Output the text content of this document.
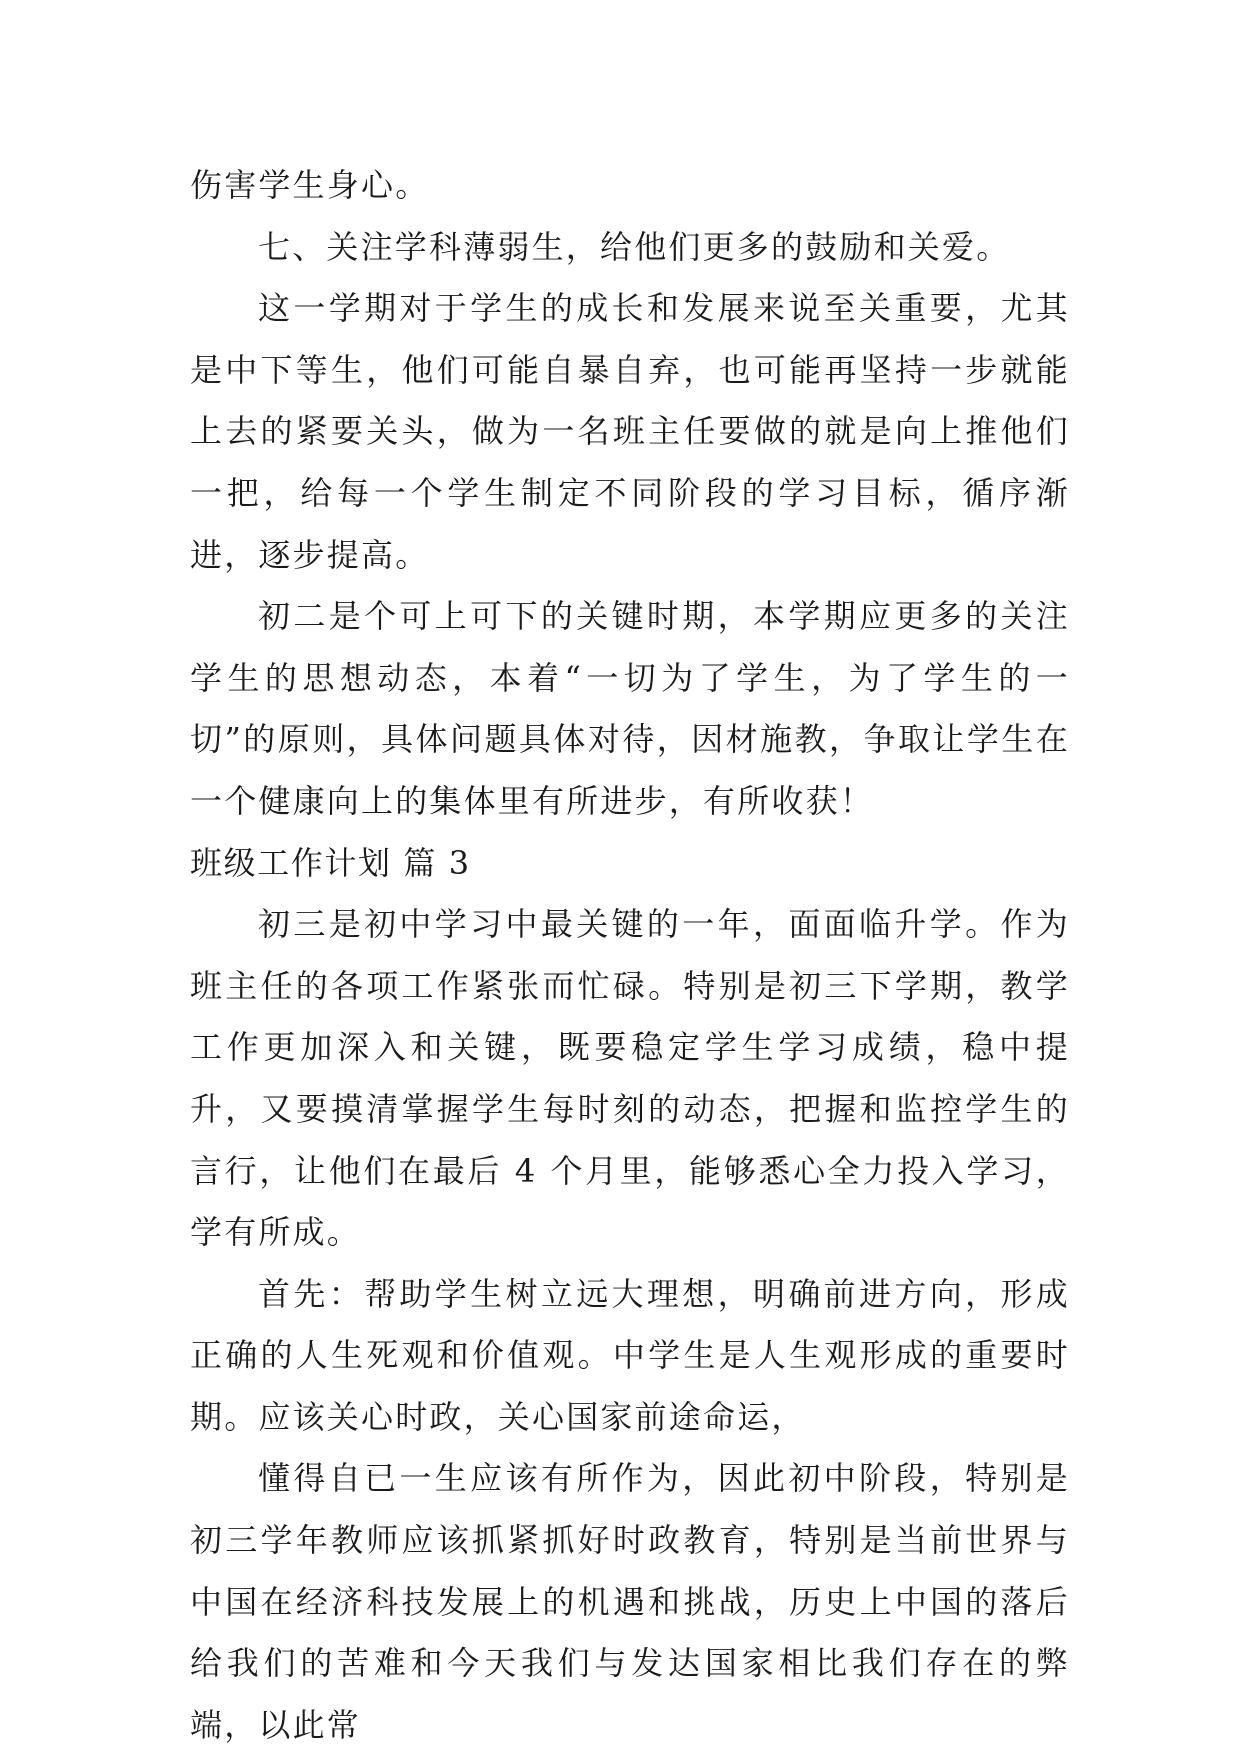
伤害学生身心。

七、关注学科薄弱生，给他们更多的鼓励和关爱。

这一学期对于学生的成长和发展来说至关重要，尤其是中下等生，他们可能自暴自弃，也可能再坚持一步就能上去的紧要关头，做为一名班主任要做的就是向上推他们一把，给每一个学生制定不同阶段的学习目标，循序渐进，逐步提高。

初二是个可上可下的关键时期，本学期应更多的关注学生的思想动态，本着“一切为了学生，为了学生的一切”的原则，具体问题具体对待，因材施教，争取让学生在一个健康向上的集体里有所进步，有所收获！

班级工作计划 篇 3

初三是初中学习中最关键的一年，面面临升学。作为班主任的各项工作紧张而忙碌。特别是初三下学期，教学工作更加深入和关键，既要稳定学生学习成绩，稳中提升，又要摸清掌握学生每时刻的动态，把握和监控学生的言行，让他们在最后 4 个月里，能够悉心全力投入学习，学有所成。

首先：帮助学生树立远大理想，明确前进方向，形成正确的人生死观和价值观。中学生是人生观形成的重要时期。应该关心时政，关心国家前途命运，

懂得自已一生应该有所作为，因此初中阶段，特别是初三学年教师应该抓紧抓好时政教育，特别是当前世界与中国在经济科技发展上的机遇和挑战，历史上中国的落后给我们的苦难和今天我们与发达国家相比我们存在的弊端，以此常
